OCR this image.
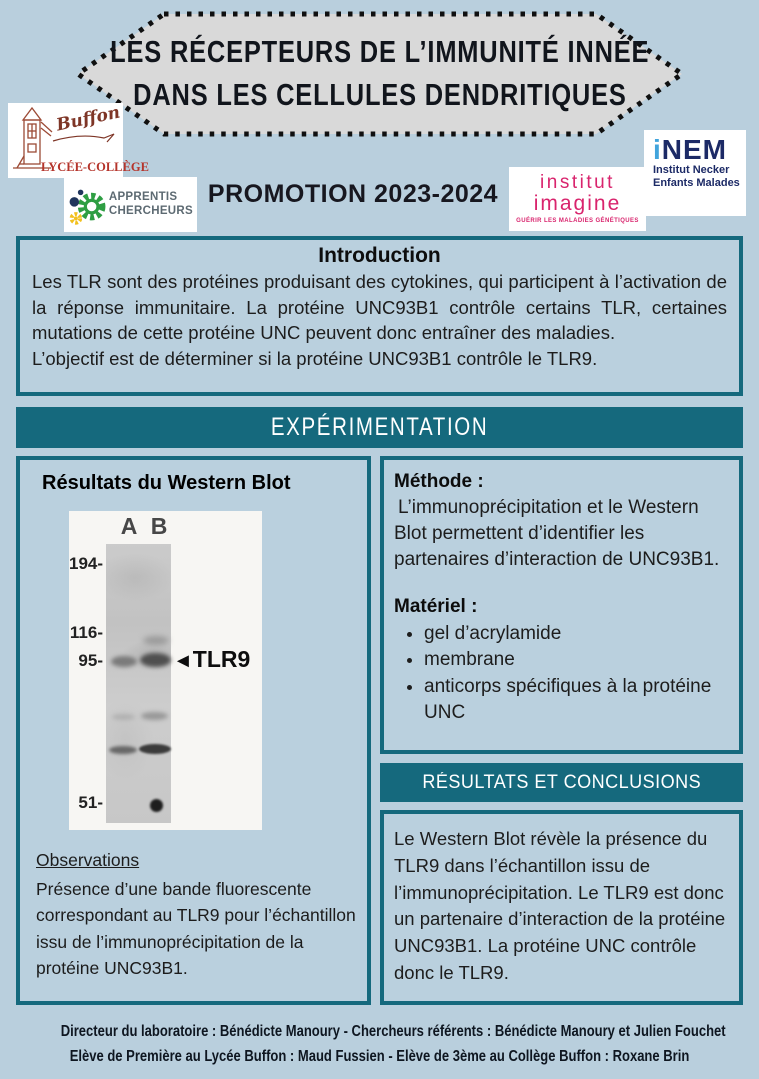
LES RÉCEPTEURS DE L’IMMUNITÉ INNÉE
DANS LES CELLULES DENDRITIQUES
Buffon
LYCÉE-COLLÈGE
APPRENTIS
CHERCHEURS
PROMOTION 2023-2024	institut
imagine
GUÉRIR LES MALADIES GÉNÉTIQUES
iNEM
Institut Necker
Enfants Malades
Introduction

Les TLR sont des protéines produisant des cytokines, qui participent à l’activation de la réponse immunitaire. La protéine UNC93B1 contrôle certains TLR, certaines mutations de cette protéine UNC peuvent donc entraîner des maladies.

L’objectif est de déterminer si la protéine UNC93B1 contrôle le TLR9.

EXPÉRIMENTATION
Résultats du Western Blot
A B
194-
116-
95-
51-
◄TLR9
Observations

Présence d’une bande fluorescente correspondant au TLR9 pour l’échantillon issu de l’immunoprécipitation de la protéine UNC93B1.

Méthode :

L’immunoprécipitation et le Western Blot permettent d’identifier les partenaires d’interaction de UNC93B1.

Matériel :
• gel d’acrylamide
• membrane
• anticorps spécifiques à la protéine UNC
RÉSULTATS ET CONCLUSIONS

Le Western Blot révèle la présence du TLR9 dans l’échantillon issu de l’immunoprécipitation. Le TLR9 est donc un partenaire d’interaction de la protéine UNC93B1. La protéine UNC contrôle donc le TLR9.

Directeur du laboratoire : Bénédicte Manoury - Chercheurs référents : Bénédicte Manoury et Julien Fouchet
Elève de Première au Lycée Buffon : Maud Fussien - Elève de 3ème au Collège Buffon : Roxane Brin
